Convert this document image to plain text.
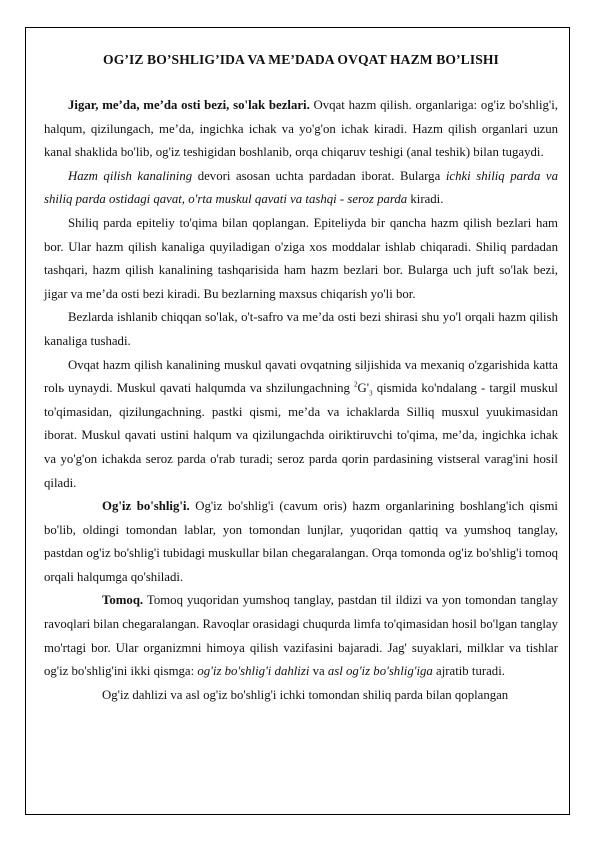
OG’IZ BO’SHLIG’IDA VA ME’DADA OVQAT HAZM BO’LISHI

Jigar, me’da, me’da osti bezi, so'lak bezlari. Ovqat hazm qilish. organlariga: og'iz bo'shlig'i, halqum, qizilungach, me’da, ingichka ichak va yo'g'on ichak kiradi. Hazm qilish organlari uzun kanal shaklida bo'lib, og'iz teshigidan boshlanib, orqa chiqaruv teshigi (anal teshik) bilan tugaydi.

Hazm qilish kanalining devori asosan uchta pardadan iborat. Bularga ichki shiliq parda va shiliq parda ostidagi qavat, o'rta muskul qavati va tashqi - seroz parda kiradi.

Shiliq parda epiteliy to'qima bilan qoplangan. Epiteliyda bir qancha hazm qilish bezlari ham bor. Ular hazm qilish kanaliga quyiladigan o'ziga xos moddalar ishlab chiqaradi. Shiliq pardadan tashqari, hazm qilish kanalining tashqarisida ham hazm bezlari bor. Bularga uch juft so'lak bezi, jigar va me’da osti bezi kiradi. Bu bezlarning maxsus chiqarish yo'li bor.

Bezlarda ishlanib chiqqan so'lak, o't-safro va me’da osti bezi shirasi shu yo'l orqali hazm qilish kanaliga tushadi.

Ovqat hazm qilish kanalining muskul qavati ovqatning siljishida va mexaniq o'zgarishida katta rolь uynaydi. Muskul qavati halqumda va shzilungachning $^2G'_3$ qismida ko'ndalang - targil muskul to'qimasidan, qizilungachning. pastki qismi, me’da va ichaklarda Silliq musxul yuukimasidan iborat. Muskul qavati ustini halqum va qizilungachda oiriktiruvchi to'qima, me’da, ingichka ichak va yo'g'on ichakda seroz parda o'rab turadi; seroz parda qorin pardasining vistseral varag'ini hosil qiladi.

Og'iz bo'shlig'i. Og'iz bo'shlig'i (cavum oris) hazm organlarining boshlang'ich qismi bo'lib, oldingi tomondan lablar, yon tomondan lunjlar, yuqoridan qattiq va yumshoq tanglay, pastdan og'iz bo'shlig'i tubidagi muskullar bilan chegaralangan. Orqa tomonda og'iz bo'shlig'i tomoq orqali halqumga qo'shiladi.

Tomoq. Tomoq yuqoridan yumshoq tanglay, pastdan til ildizi va yon tomondan tanglay ravoqlari bilan chegaralangan. Ravoqlar orasidagi chuqurda limfa to'qimasidan hosil bo'lgan tanglay mo'rtagi bor. Ular organizmni himoya qilish vazifasini bajaradi. Jag' suyaklari, milklar va tishlar og'iz bo'shlig'ini ikki qismga: og'iz bo'shlig'i dahlizi va asl og'iz bo'shlig'iga ajratib turadi.

Og'iz dahlizi va asl og'iz bo'shlig'i ichki tomondan shiliq parda bilan qoplangan
